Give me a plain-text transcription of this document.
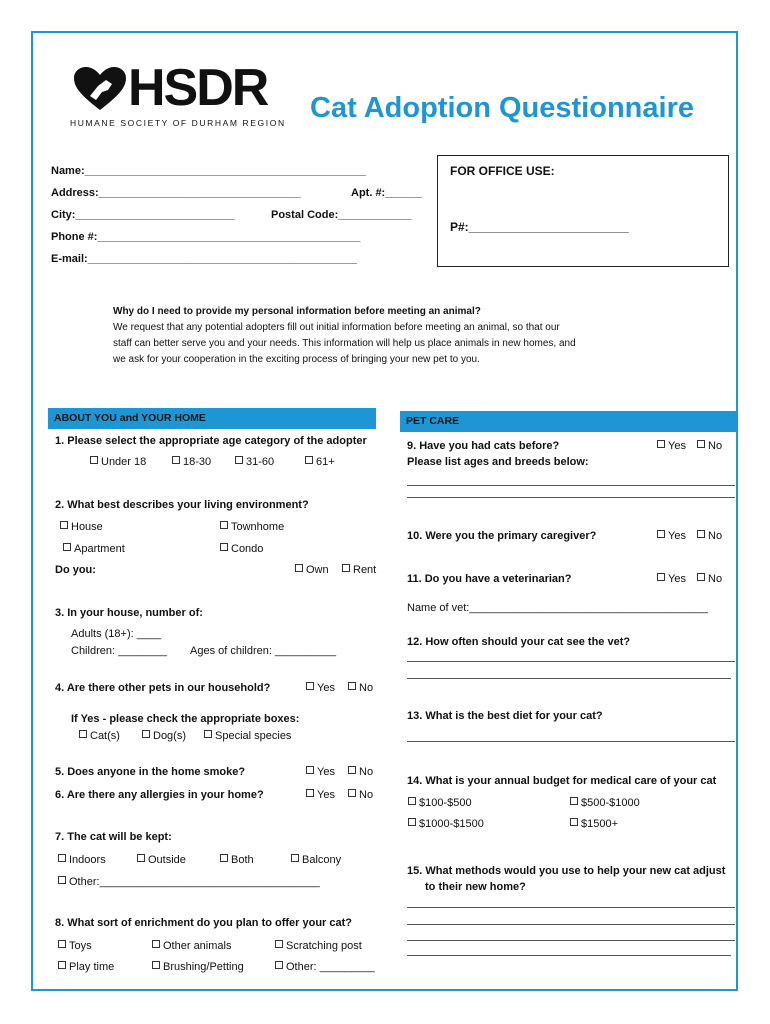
HSDR
HUMANE SOCIETY OF DURHAM REGION Cat Adoption Questionnaire
Name:______________________________________________
Address:_________________________________	Apt. #:______
City:__________________________	Postal Code:____________
Phone #:___________________________________________
E-mail:____________________________________________
FOR OFFICE USE:
P#:________________________
Why do I need to provide my personal information before meeting an animal?
We request that any potential adopters fill out initial information before meeting an animal, so that our
staff can better serve you and your needs. This information will help us place animals in new homes, and
we ask for your cooperation in the exciting process of bringing your new pet to you.
ABOUT YOU and YOUR HOME	PET CARE
1. Please select the appropriate age category of the adopter
Under 18	18-30	31-60	61+
2. What best describes your living environment?
House	Townhome
Apartment	Condo
Do you:	Own	Rent
3. In your house, number of:
Adults (18+): ____
Children: ________ Ages of children: __________
4. Are there other pets in our household?	Yes	No
If Yes - please check the appropriate boxes:
Cat(s)	Dog(s)	Special species
5. Does anyone in the home smoke?	Yes	No
6. Are there any allergies in your home?	Yes	No
7. The cat will be kept:
Indoors	Outside	Both	Balcony
Other:____________________________________
8. What sort of enrichment do you plan to offer your cat?
Toys	Other animals	Scratching post
Play time	Brushing/Petting	Other: _________
9. Have you had cats before?	Yes	No
Please list ages and breeds below:
10. Were you the primary caregiver?	Yes	No
11. Do you have a veterinarian?	Yes	No
Name of vet:_______________________________________
12. How often should your cat see the vet?
13. What is the best diet for your cat?
14. What is your annual budget for medical care of your cat
$100-$500	$500-$1000
$1000-$1500	$1500+
15. What methods would you use to help your new cat adjust
to their new home?
